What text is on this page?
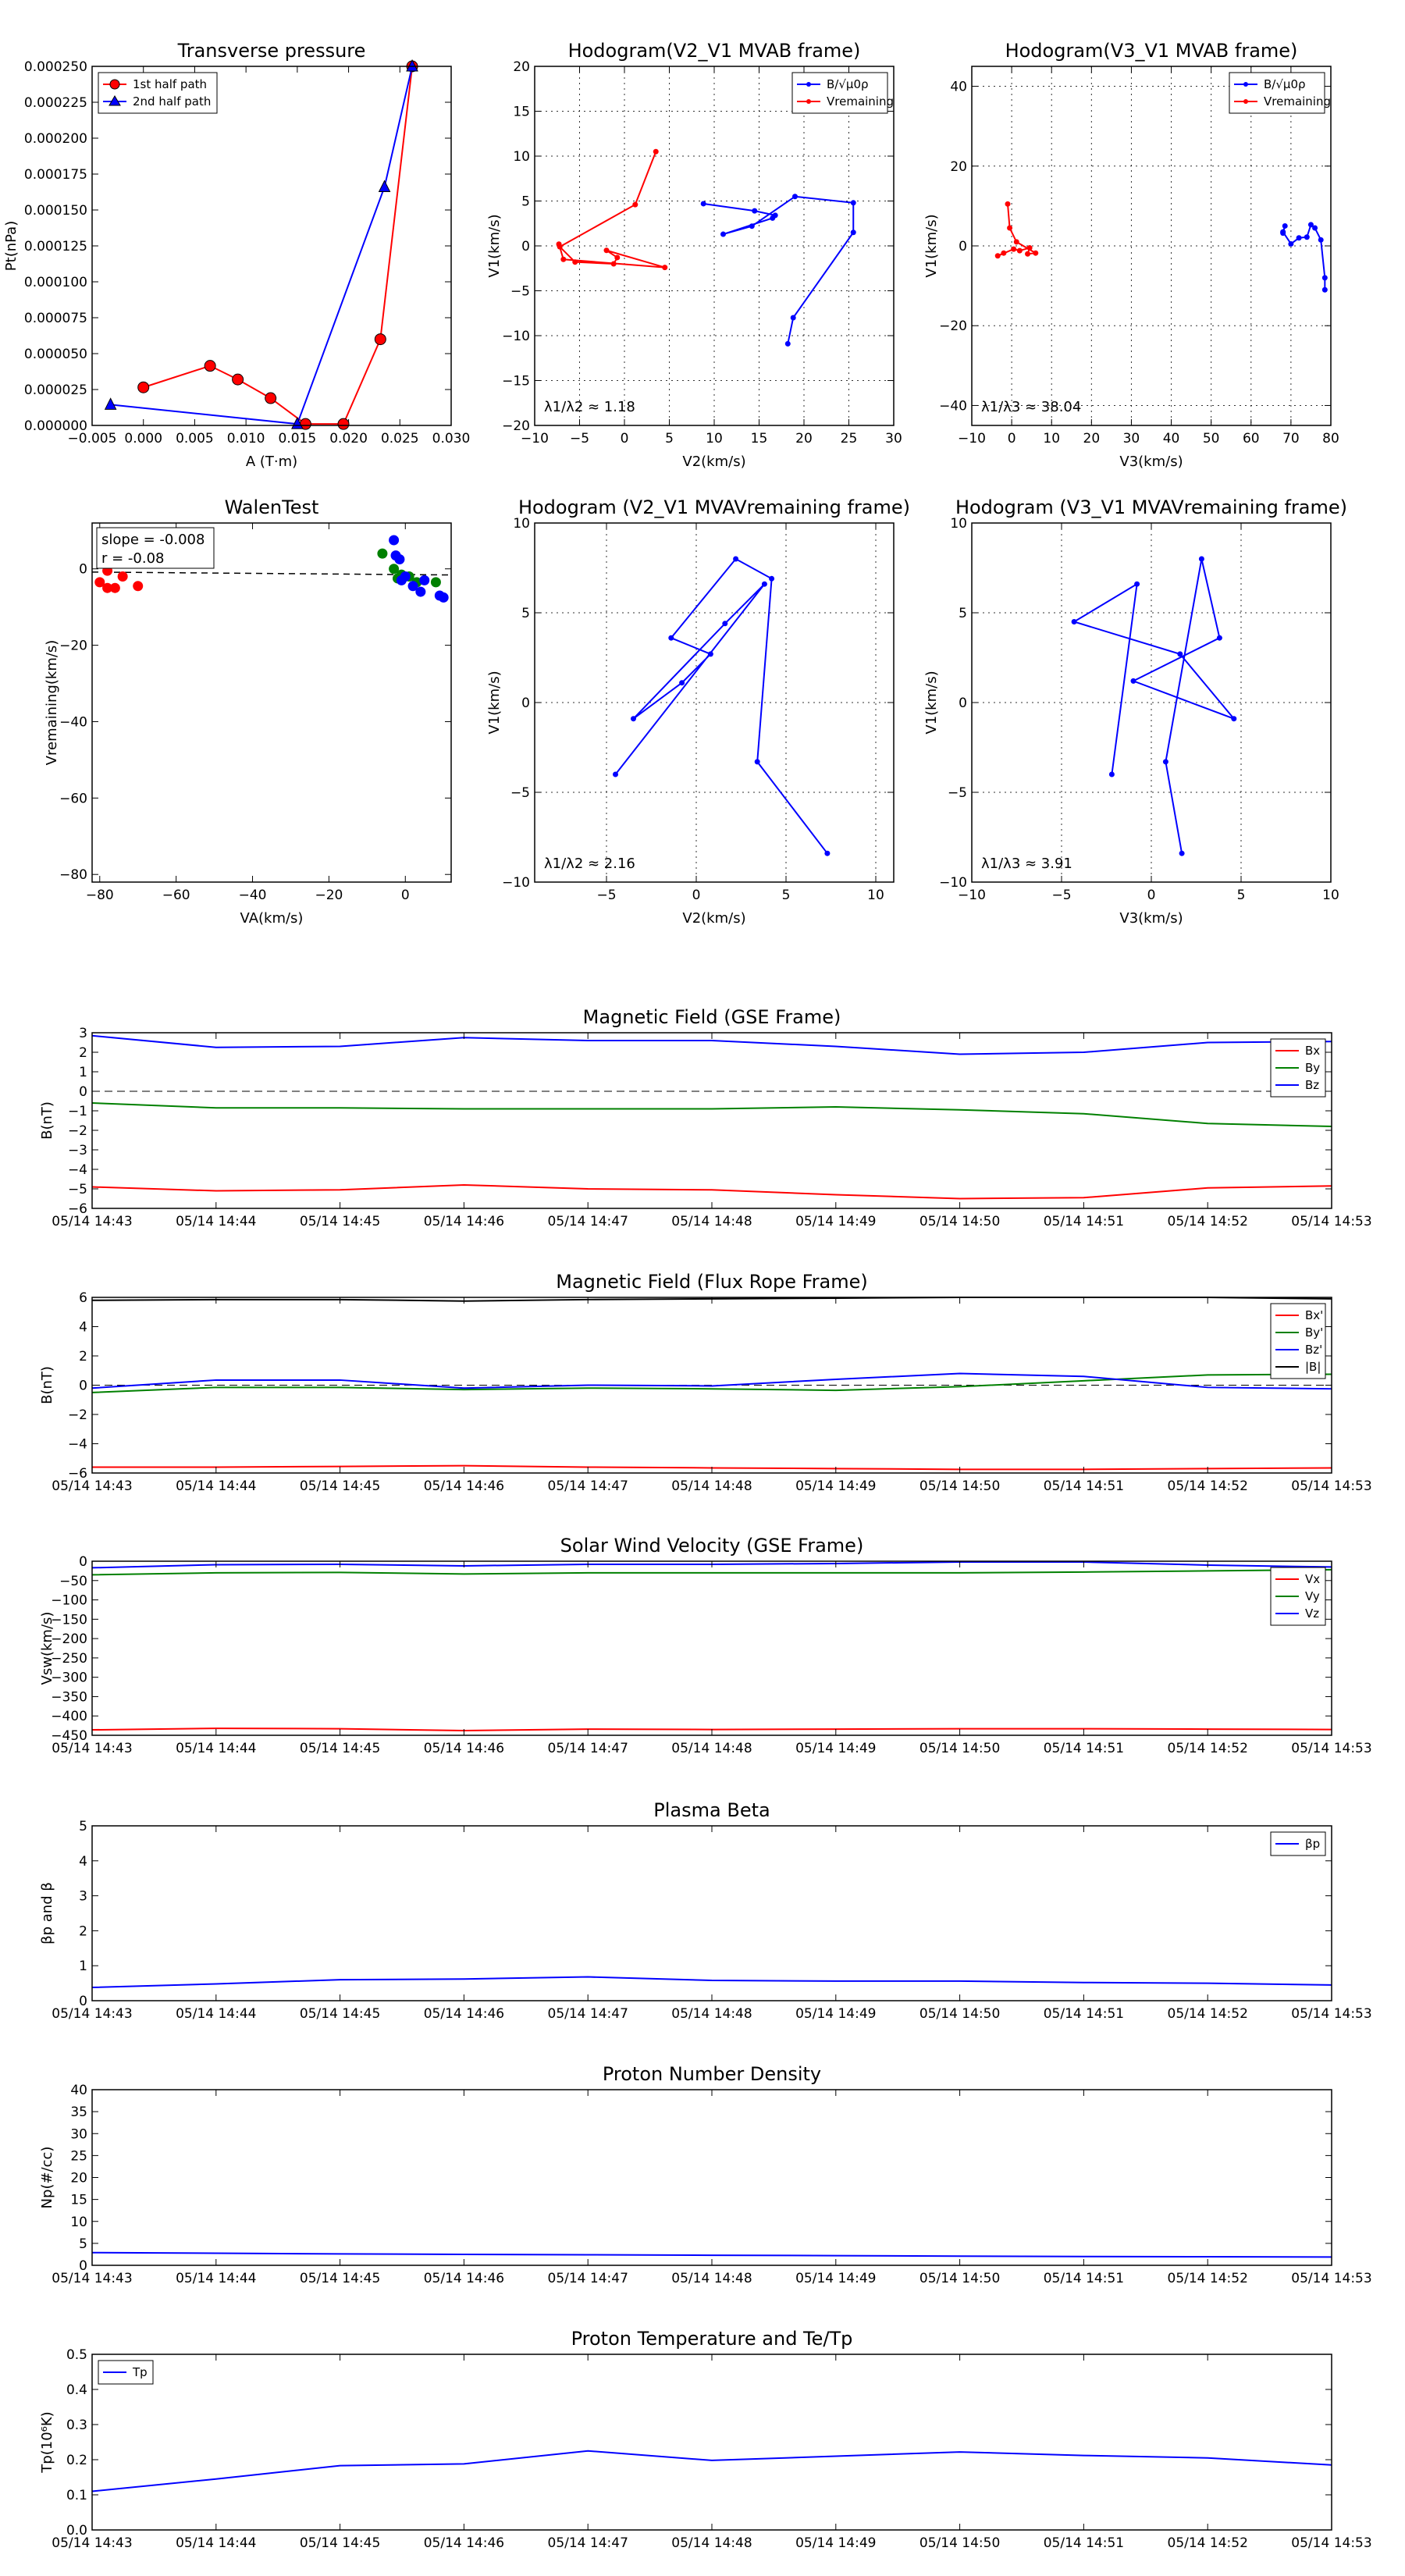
−0.005 0.000 0.005 0.010 0.015 0.020 0.025 0.030
0.000000
0.000025
0.000050
0.000075
0.000100
0.000125
0.000150
0.000175
0.000200
0.000225
0.000250
Transverse pressure
A (T·m)
Pt(nPa)
1st half path
2nd half path
−10 −5 0	5 10 15 20 25 30
−20
−15
−10
−5
0
5
10
15
20
Hodogram(V2_V1 MVAB frame)
V2(km/s)
V1(km/s)
λ1/λ2 ≈ 1.18
B/√μ0ρ
Vremaining
−10 0 10 20 30 40 50 60 70 80
−40
−20
0
20
40
Hodogram(V3_V1 MVAB frame)
V3(km/s)
V1(km/s)
λ1/λ3 ≈ 38.04
B/√μ0ρ
Vremaining
−80	−60	−40	−20	0
−80
−60
−40
−20
0
WalenTest
VA(km/s)
Vremaining(km/s)
slope = -0.008
r = -0.08
−5	0	5	10
−10
−5
0
5
10
Hodogram (V2_V1 MVAVremaining frame)
V2(km/s)
V1(km/s)
λ1/λ2 ≈ 2.16
−10	−5	0	5	10
−10
−5
0
5
10
Hodogram (V3_V1 MVAVremaining frame)
V3(km/s)
V1(km/s)
λ1/λ3 ≈ 3.91
05/14 14:43	05/14 14:44	05/14 14:45	05/14 14:46	05/14 14:47	05/14 14:48	05/14 14:49	05/14 14:50	05/14 14:51	05/14 14:52	05/14 14:53
−6
−5
−4
−3
−2
−1
0
1
2
3
Magnetic Field (GSE Frame)
B(nT)
Bx
By
Bz
05/14 14:43	05/14 14:44	05/14 14:45	05/14 14:46	05/14 14:47	05/14 14:48	05/14 14:49	05/14 14:50	05/14 14:51	05/14 14:52	05/14 14:53
−6
−4
−2
0
2
4
6
Magnetic Field (Flux Rope Frame)
B(nT)
Bx'
By'
Bz'
|B|
05/14 14:43	05/14 14:44	05/14 14:45	05/14 14:46	05/14 14:47	05/14 14:48	05/14 14:49	05/14 14:50	05/14 14:51	05/14 14:52	05/14 14:53
−450
−400
−350
−300
−250
−200
−150
−100
−50
0
Solar Wind Velocity (GSE Frame)
Vsw(km/s)
Vx
Vy
Vz
05/14 14:43	05/14 14:44	05/14 14:45	05/14 14:46	05/14 14:47	05/14 14:48	05/14 14:49	05/14 14:50	05/14 14:51	05/14 14:52	05/14 14:53
0
1
2
3
4
5
Plasma Beta
βp and β
βp
05/14 14:43	05/14 14:44	05/14 14:45	05/14 14:46	05/14 14:47	05/14 14:48	05/14 14:49	05/14 14:50	05/14 14:51	05/14 14:52	05/14 14:53
0
5
10
15
20
25
30
35
40
Proton Number Density
Np(#/cc)
05/14 14:43	05/14 14:44	05/14 14:45	05/14 14:46	05/14 14:47	05/14 14:48	05/14 14:49	05/14 14:50	05/14 14:51	05/14 14:52	05/14 14:53
0.0
0.1
0.2
0.3
0.4
0.5
Proton Temperature and Te/Tp
Tp(10⁶K)
Tp
